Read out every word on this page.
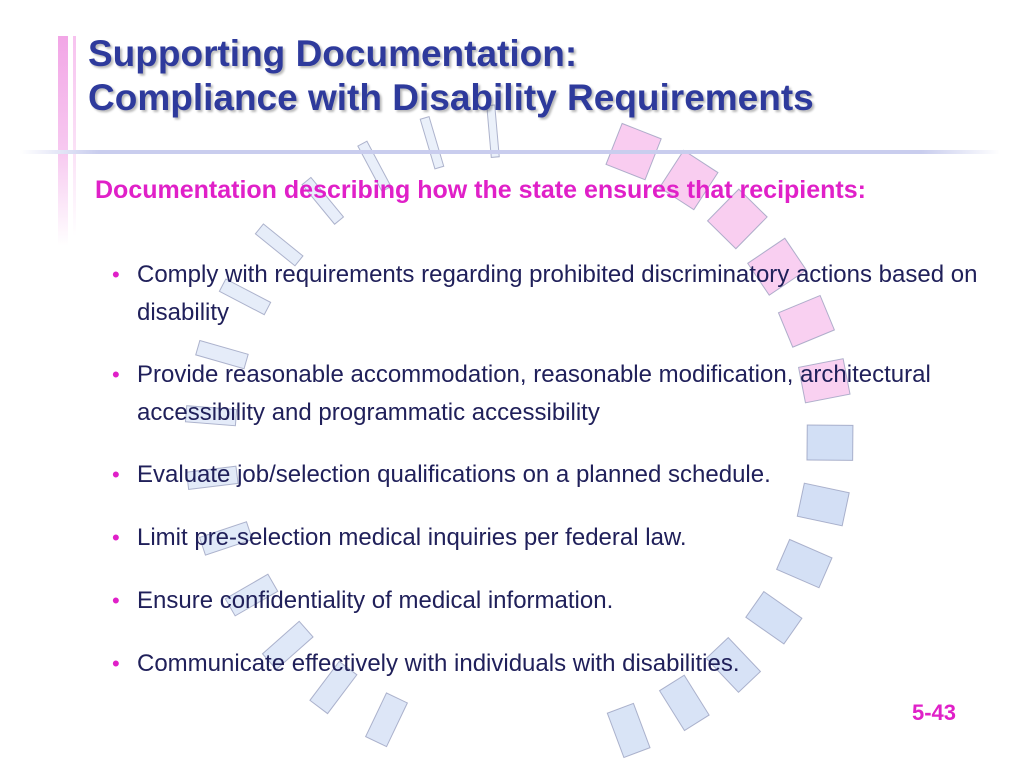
Supporting Documentation:
Compliance with Disability Requirements
Documentation describing how the state ensures that recipients:
• Comply with requirements regarding prohibited discriminatory actions based on disability
• Provide reasonable accommodation, reasonable modification, architectural accessibility and programmatic accessibility
• Evaluate job/selection qualifications on a planned schedule.
• Limit pre-selection medical inquiries per federal law.
• Ensure confidentiality of medical information.
• Communicate effectively with individuals with disabilities.
5-43
